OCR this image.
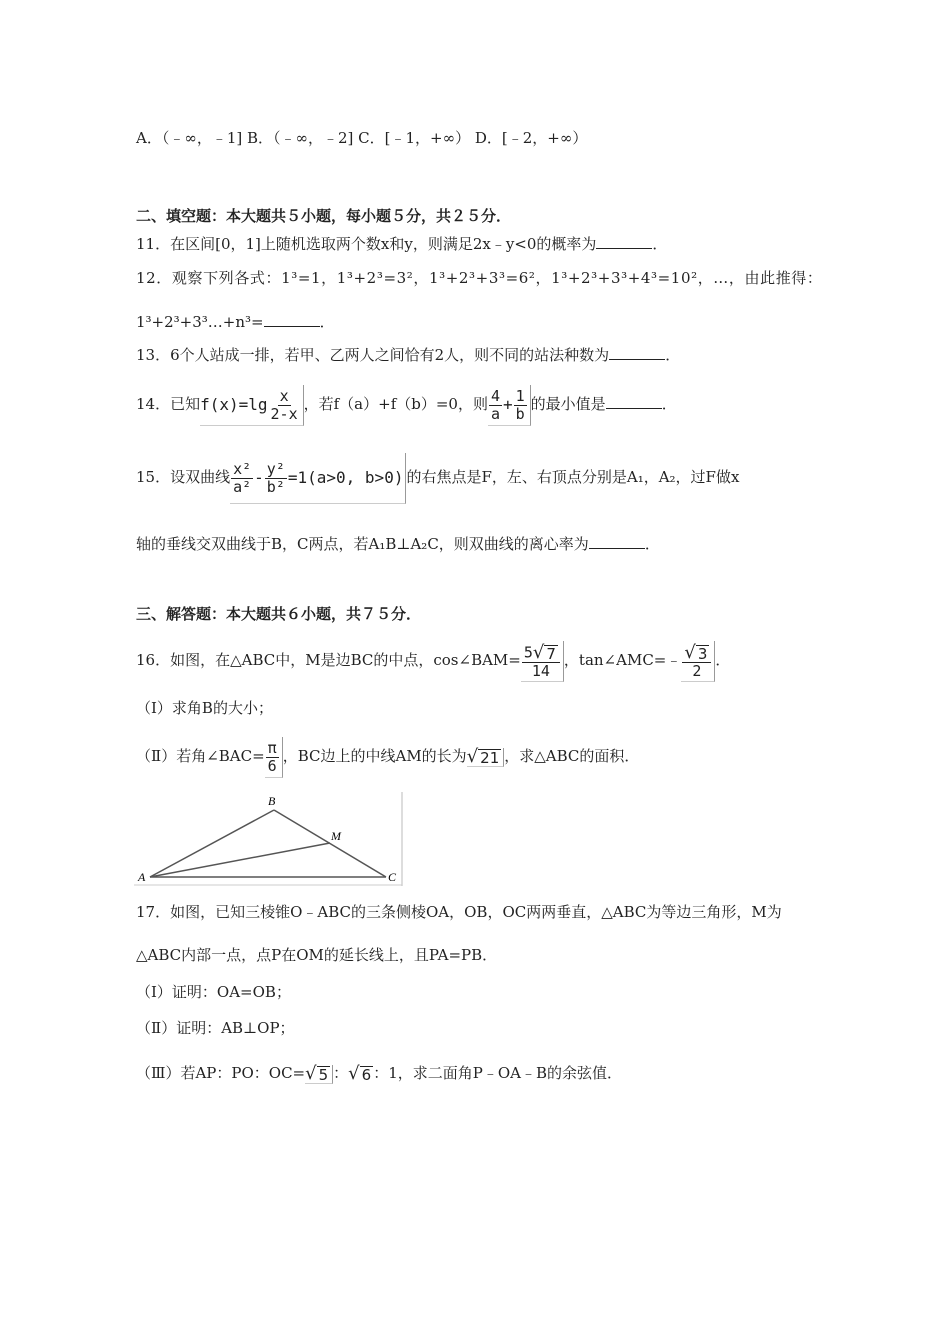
A．（﹣∞，﹣1] B．（﹣∞，﹣2] C．[﹣1，+∞） D．[﹣2，+∞）
二、填空题：本大题共５小题，每小题５分，共２５分．
11．在区间[0，1]上随机选取两个数x和y，则满足2x﹣y<0的概率为	．
12．观察下列各式：1³=1，1³+2³=3²，1³+2³+3³=6²，1³+2³+3³+4³=10²，…，由此推得：
1³+2³+3³…+n³=	．
13．6个人站成一排，若甲、乙两人之间恰有2人，则不同的站法种数为	．
14．已知$f(x)=\lg \frac{x}{2-x}$ ，若f（a）+f（b）=0，则 $\frac{4}{a} + \frac{1}{b}$ 的最小值是	．
15．设双曲线 $\frac{\text{x²}}{\text{a²}} - \frac{\text{y²}}{\text{b²}} =1(a>0$, b>0) 的右焦点是F，左、右顶点分别是A₁，A₂，过F做x
轴的垂线交双曲线于B，C两点，若A₁B⊥A₂C，则双曲线的离心率为	．
三、解答题：本大题共６小题，共７５分．
16．如图，在△ABC中，M是边BC的中点，cos∠BAM= $\frac{5 √ 7}{14}$ ，tan∠AMC=﹣ $\frac{√ 3}{2}$ ．
（Ⅰ）求角B的大小；
（Ⅱ）若角∠BAC= $\frac{\pi}{6}$ ，BC边上的中线AM的长为 √ 21 ，求△ABC的面积．
B
M
A	C
17．如图，已知三棱锥O﹣ABC的三条侧棱OA，OB，OC两两垂直，△ABC为等边三角形，M为
△ABC内部一点，点P在OM的延长线上，且PA=PB．
（Ⅰ）证明：OA=OB；
（Ⅱ）证明：AB⊥OP；
（Ⅲ）若AP：PO：OC= √ 5 ： √ 6 ：1，求二面角P﹣OA﹣B的余弦值．
